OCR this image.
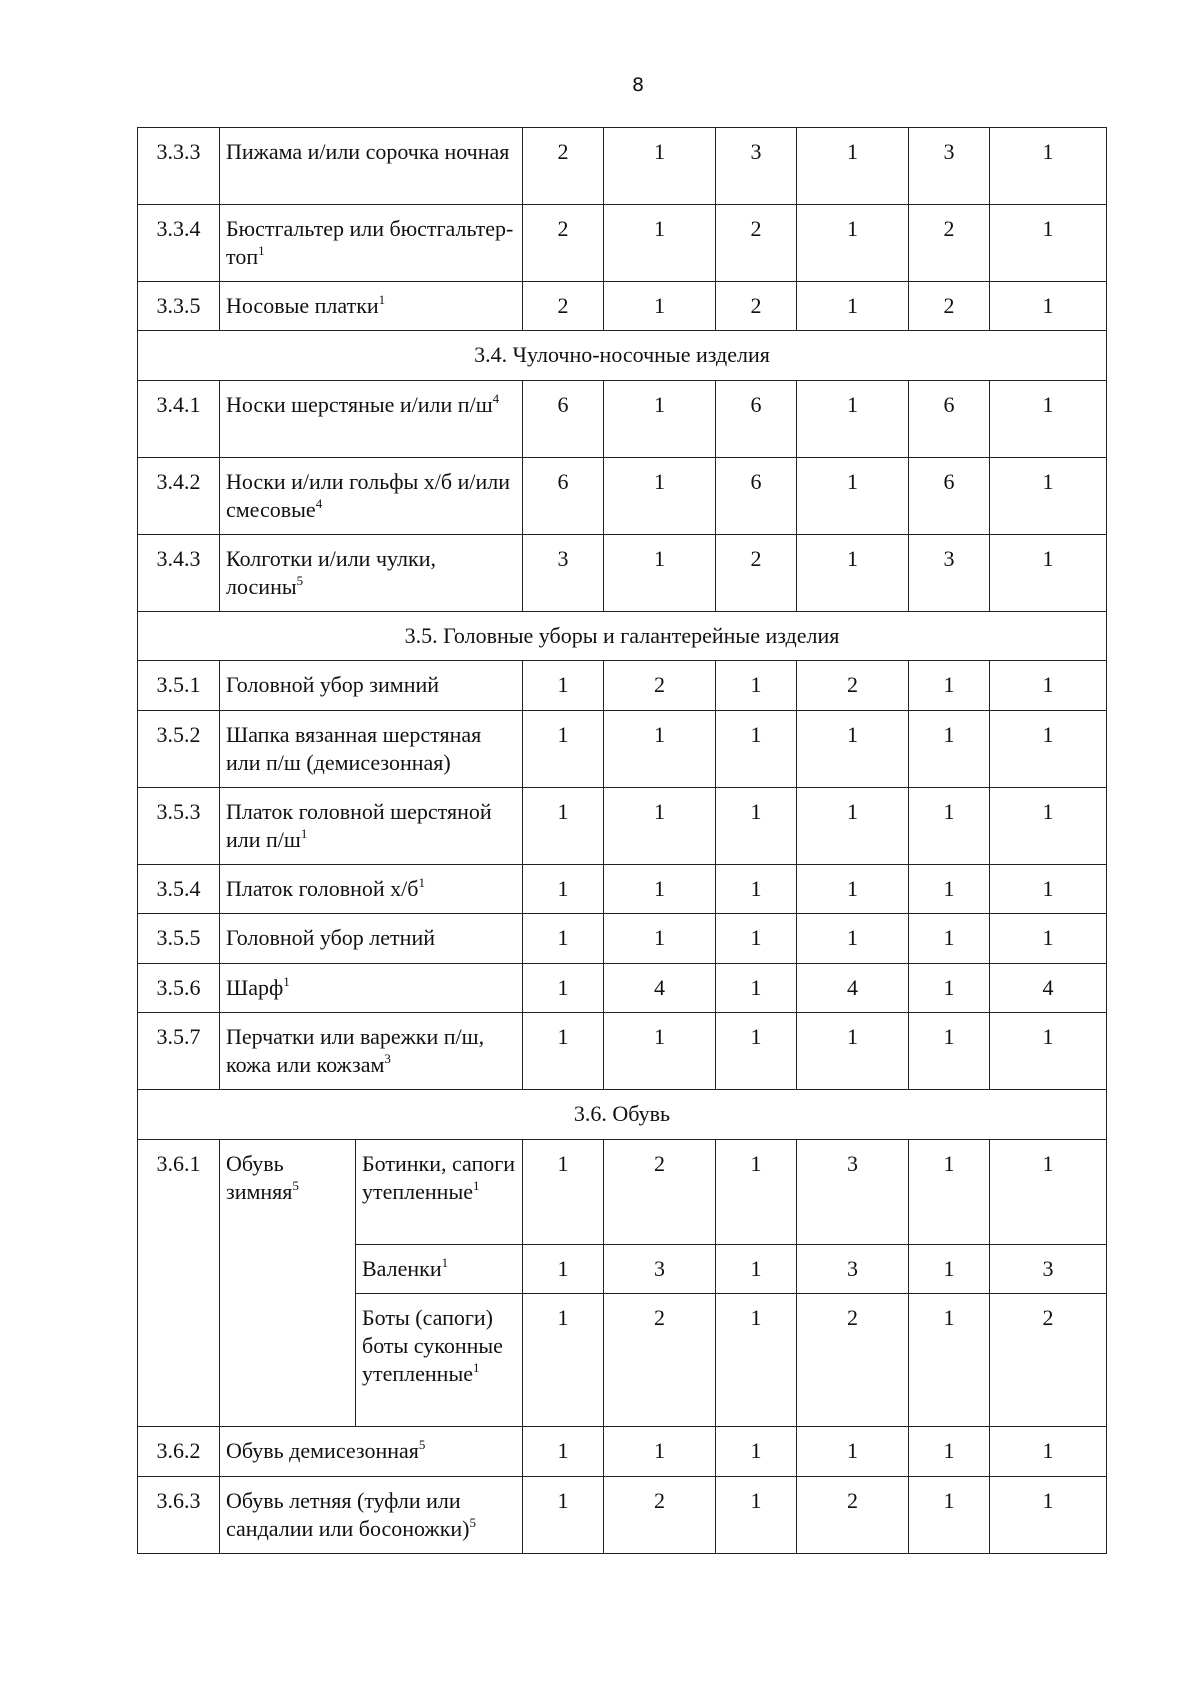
8
3.3.3	Пижама и/или сорочка ночная		2	1	3	1	3	1
3.3.4	Бюстгальтер или бюстгальтер-топ$^1$		2	1	2	1	2	1
3.3.5	Носовые платки$^1$		2	1	2	1	2	1
3.4. Чулочно-носочные изделия								
3.4.1	Носки шерстяные и/или $п/ш^4$		6	1	6	1	6	1
3.4.2	Носки и/или гольфы х/б и/или смесовые$^4$		6	1	6	1	6	1
3.4.3	Колготки и/или чулки, лосины$^5$		3	1	2	1	3	1
3.5. Головные уборы и галантерейные изделия								
3.5.1	Головной убор зимний		1	2	1	2	1	1
3.5.2	Шапка вязанная шерстяная или п/ш (демисезонная)		1	1	1	1	1	1
3.5.3	Платок головной шерстяной или $п/ш^1$		1	1	1	1	1	1
3.5.4	Платок головной $х/б^1$		1	1	1	1	1	1
3.5.5	Головной убор летний		1	1	1	1	1	1
3.5.6	Шарф$^1$		1	4	1	4	1	4
3.5.7	Перчатки или варежки п/ш, кожа или кожзам$^3$		1	1	1	1	1	1
3.6. Обувь								
3.6.1	Обувь зимняя$^5$	Ботинки, сапоги утепленные$^1$	1	2	1	3	1	1
		Валенки$^1$	1	3	1	3	1	3
		Боты (сапоги) боты суконные утепленные$^1$	1	2	1	2	1	2
3.6.2	Обувь демисезонная$^5$		1	1	1	1	1	1
3.6.3	Обувь летняя (туфли или сандалии или босоножки)$^5$		1	2	1	2	1	1
